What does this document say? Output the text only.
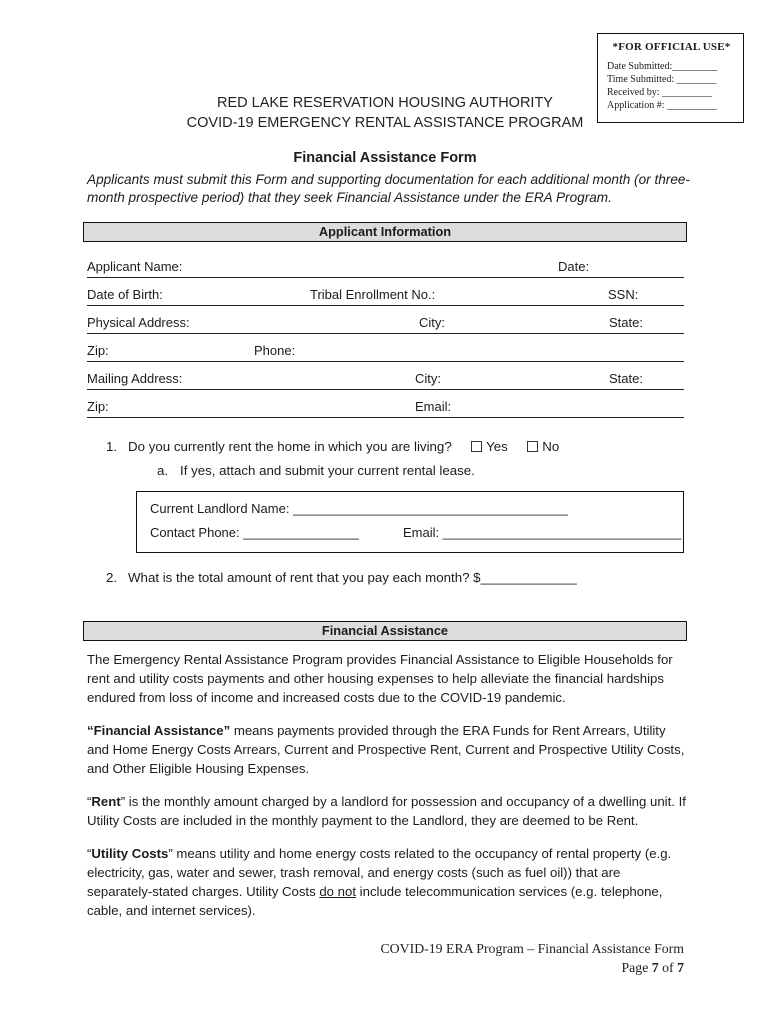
*FOR OFFICIAL USE*
Date Submitted:_________
Time Submitted: ________
Received by: __________
Application #: __________
RED LAKE RESERVATION HOUSING AUTHORITY
COVID-19 EMERGENCY RENTAL ASSISTANCE PROGRAM
Financial Assistance Form
Applicants must submit this Form and supporting documentation for each additional month (or three-month prospective period) that they seek Financial Assistance under the ERA Program.
Applicant Information
Applicant Name:	Date:
Date of Birth:	Tribal Enrollment No.:	SSN:
Physical Address:	City:	State:
Zip:	Phone:
Mailing Address:	City:	State:
Zip:	Email:
1. Do you currently rent the home in which you are living?	Yes	No
a. If yes, attach and submit your current rental lease.
Current Landlord Name: ______________________________________
Contact Phone: ________________	Email: _________________________________
2. What is the total amount of rent that you pay each month? $_____________
Financial Assistance

The Emergency Rental Assistance Program provides Financial Assistance to Eligible Households for rent and utility costs payments and other housing expenses to help alleviate the financial hardships endured from loss of income and increased costs due to the COVID-19 pandemic.

“Financial Assistance” means payments provided through the ERA Funds for Rent Arrears, Utility and Home Energy Costs Arrears, Current and Prospective Rent, Current and Prospective Utility Costs, and Other Eligible Housing Expenses.

“Rent” is the monthly amount charged by a landlord for possession and occupancy of a dwelling unit. If Utility Costs are included in the monthly payment to the Landlord, they are deemed to be Rent.

“Utility Costs” means utility and home energy costs related to the occupancy of rental property (e.g. electricity, gas, water and sewer, trash removal, and energy costs (such as fuel oil)) that are separately-stated charges. Utility Costs do not include telecommunication services (e.g. telephone, cable, and internet services).

COVID-19 ERA Program – Financial Assistance Form
Page 7 of 7
